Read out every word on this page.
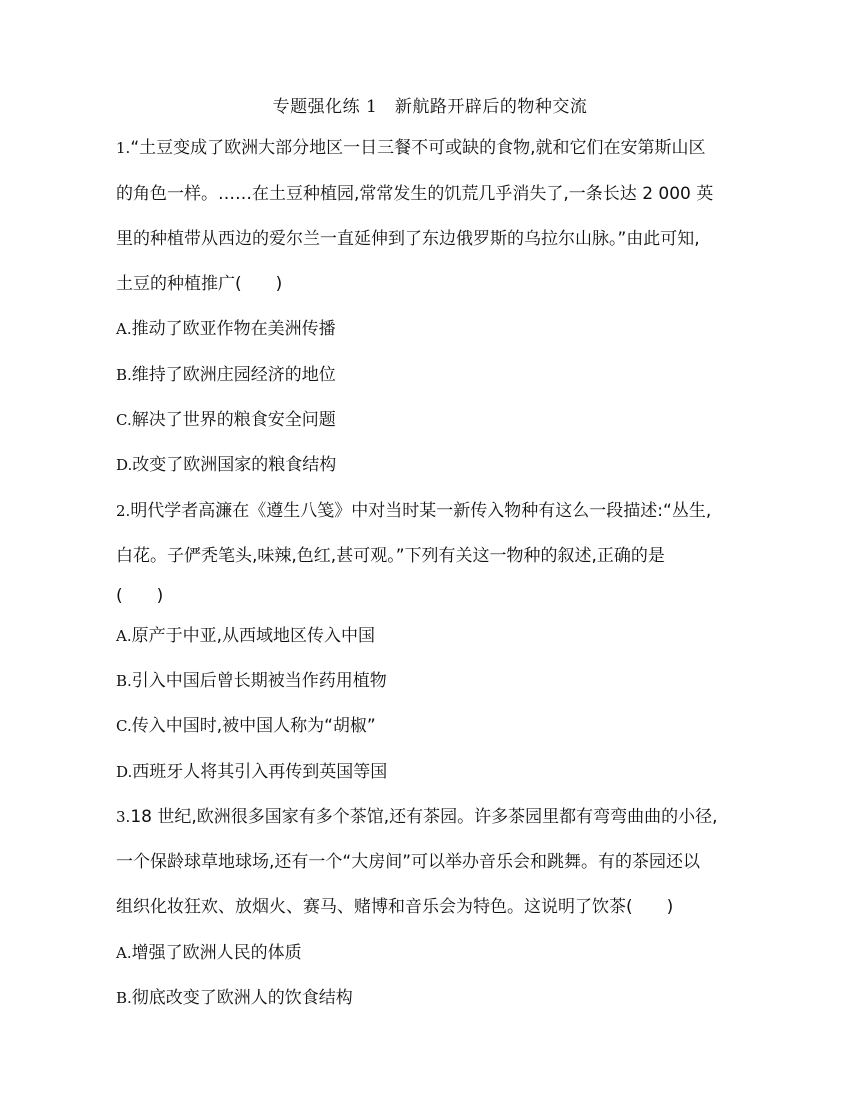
专题强化练 1　新航路开辟后的物种交流
1.“土豆变成了欧洲大部分地区一日三餐不可或缺的食物,就和它们在安第斯山区
的角色一样。……在土豆种植园,常常发生的饥荒几乎消失了,一条长达 2 000 英
里的种植带从西边的爱尔兰一直延伸到了东边俄罗斯的乌拉尔山脉。”由此可知,
土豆的种植推广(　　)
A.推动了欧亚作物在美洲传播
B.维持了欧洲庄园经济的地位
C.解决了世界的粮食安全问题
D.改变了欧洲国家的粮食结构
2.明代学者高濂在《遵生八笺》中对当时某一新传入物种有这么一段描述:“丛生,
白花。子俨秃笔头,味辣,色红,甚可观。”下列有关这一物种的叙述,正确的是
(　　)
A.原产于中亚,从西域地区传入中国
B.引入中国后曾长期被当作药用植物
C.传入中国时,被中国人称为“胡椒”
D.西班牙人将其引入再传到英国等国
3.18 世纪,欧洲很多国家有多个茶馆,还有茶园。许多茶园里都有弯弯曲曲的小径,
一个保龄球草地球场,还有一个“大房间”可以举办音乐会和跳舞。有的茶园还以
组织化妆狂欢、放烟火、赛马、赌博和音乐会为特色。这说明了饮茶(　　)
A.增强了欧洲人民的体质
B.彻底改变了欧洲人的饮食结构
